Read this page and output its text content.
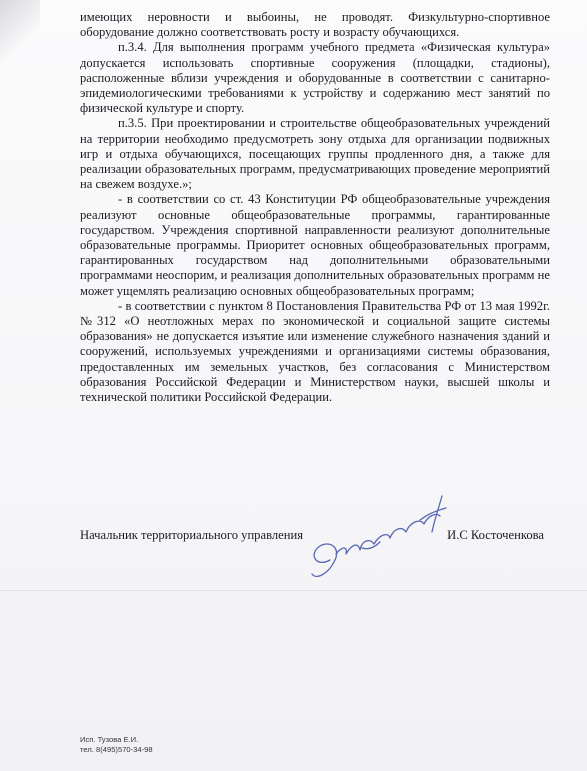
имеющих неровности и выбоины, не проводят. Физкультурно-спортивное оборудование должно соответствовать росту и возрасту обучающихся.

п.3.4. Для выполнения программ учебного предмета «Физическая культура» допускается использовать спортивные сооружения (площадки, стадионы), расположенные вблизи учреждения и оборудованные в соответствии с санитарно-эпидемиологическими требованиями к устройству и содержанию мест занятий по физической культуре и спорту.

п.3.5. При проектировании и строительстве общеобразовательных учреждений на территории необходимо предусмотреть зону отдыха для организации подвижных игр и отдыха обучающихся, посещающих группы продленного дня, а также для реализации образовательных программ, предусматривающих проведение мероприятий на свежем воздухе.»;

- в соответствии со ст. 43 Конституции РФ общеобразовательные учреждения реализуют основные общеобразовательные программы, гарантированные государством. Учреждения спортивной направленности реализуют дополнительные образовательные программы. Приоритет основных общеобразовательных программ, гарантированных государством над дополнительными образовательными программами неоспорим, и реализация дополнительных образовательных программ не может ущемлять реализацию основных общеобразовательных программ;

- в соответствии с пунктом 8 Постановления Правительства РФ от 13 мая 1992г. №312 «О неотложных мерах по экономической и социальной защите системы образования» не допускается изъятие или изменение служебного назначения зданий и сооружений, используемых учреждениями и организациями системы образования, предоставленных им земельных участков, без согласования с Министерством образования Российской Федерации и Министерством науки, высшей школы и технической политики Российской Федерации.

Начальник территориального управления	И.С Косточенкова
Исп. Тузова Е.И.
тел. 8(495)570-34-98
